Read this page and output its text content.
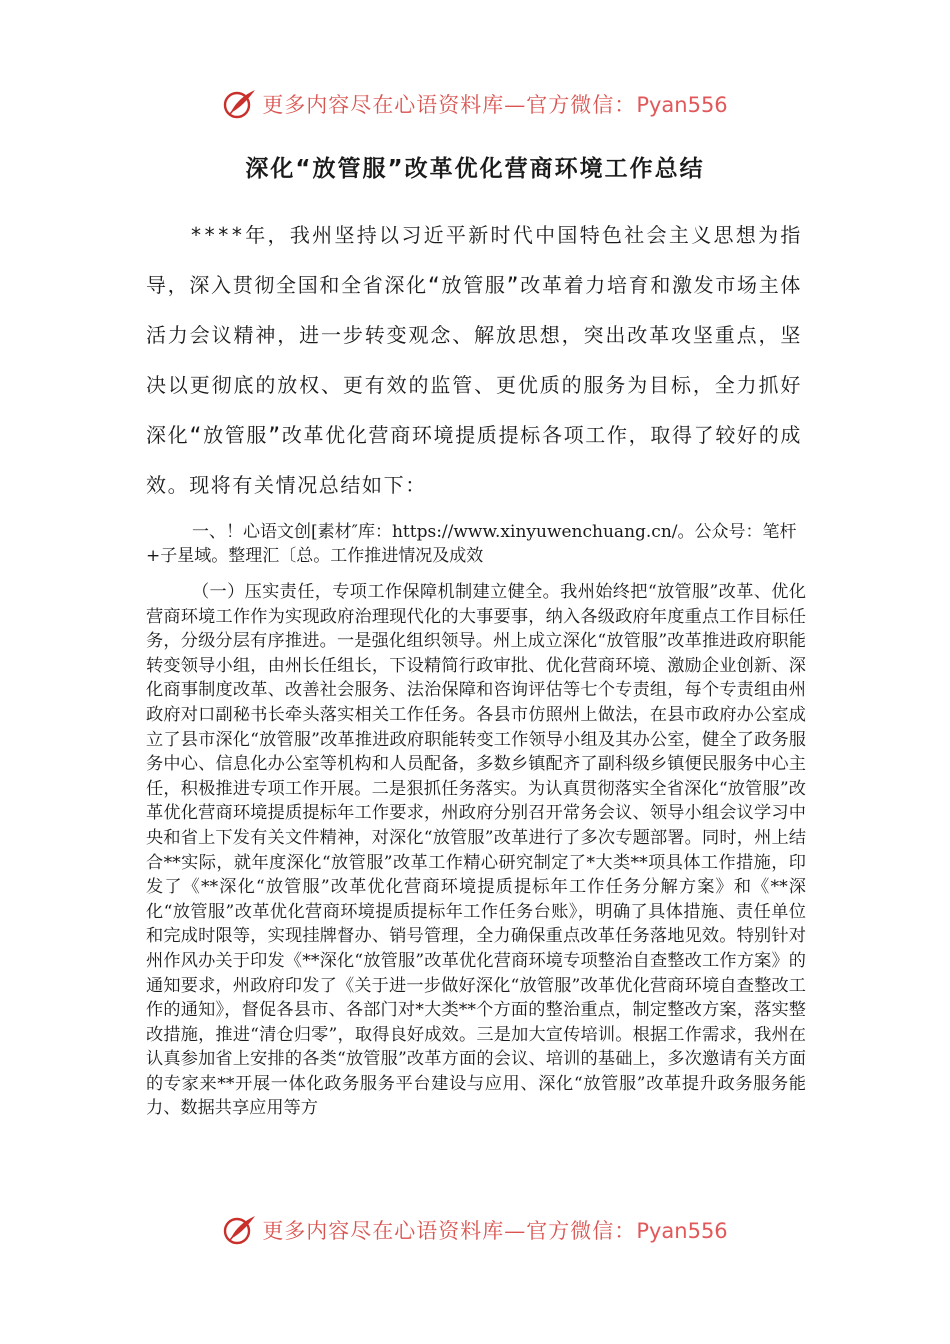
更多内容尽在心语资料库—官方微信：Pyan556
深化“放管服”改革优化营商环境工作总结

****年，我州坚持以习近平新时代中国特色社会主义思想为指导，深入贯彻全国和全省深化“放管服”改革着力培育和激发市场主体活力会议精神，进一步转变观念、解放思想，突出改革攻坚重点，坚决以更彻底的放权、更有效的监管、更优质的服务为目标，全力抓好深化“放管服”改革优化营商环境提质提标各项工作，取得了较好的成效。现将有关情况总结如下：

一、！心语文创[素材″库：https://www.xinyuwenchuang.cn/。公众号：笔杆+子星域。整理汇〔总。工作推进情况及成效

（一）压实责任，专项工作保障机制建立健全。我州始终把“放管服”改革、优化营商环境工作作为实现政府治理现代化的大事要事，纳入各级政府年度重点工作目标任务，分级分层有序推进。一是强化组织领导。州上成立深化“放管服”改革推进政府职能转变领导小组，由州长任组长，下设精简行政审批、优化营商环境、激励企业创新、深化商事制度改革、改善社会服务、法治保障和咨询评估等七个专责组，每个专责组由州政府对口副秘书长牵头落实相关工作任务。各县市仿照州上做法，在县市政府办公室成立了县市深化“放管服”改革推进政府职能转变工作领导小组及其办公室，健全了政务服务中心、信息化办公室等机构和人员配备，多数乡镇配齐了副科级乡镇便民服务中心主任，积极推进专项工作开展。二是狠抓任务落实。为认真贯彻落实全省深化“放管服”改革优化营商环境提质提标年工作要求，州政府分别召开常务会议、领导小组会议学习中央和省上下发有关文件精神，对深化“放管服”改革进行了多次专题部署。同时，州上结合**实际，就年度深化“放管服”改革工作精心研究制定了*大类**项具体工作措施，印发了《**深化“放管服”改革优化营商环境提质提标年工作任务分解方案》和《**深化“放管服”改革优化营商环境提质提标年工作任务台账》，明确了具体措施、责任单位和完成时限等，实现挂牌督办、销号管理，全力确保重点改革任务落地见效。特别针对州作风办关于印发《**深化“放管服”改革优化营商环境专项整治自查整改工作方案》的通知要求，州政府印发了《关于进一步做好深化“放管服”改革优化营商环境自查整改工作的通知》，督促各县市、各部门对*大类**个方面的整治重点，制定整改方案，落实整改措施，推进“清仓归零”，取得良好成效。三是加大宣传培训。根据工作需求，我州在认真参加省上安排的各类“放管服”改革方面的会议、培训的基础上，多次邀请有关方面的专家来**开展一体化政务服务平台建设与应用、深化“放管服”改革提升政务服务能力、数据共享应用等方

更多内容尽在心语资料库—官方微信：Pyan556
